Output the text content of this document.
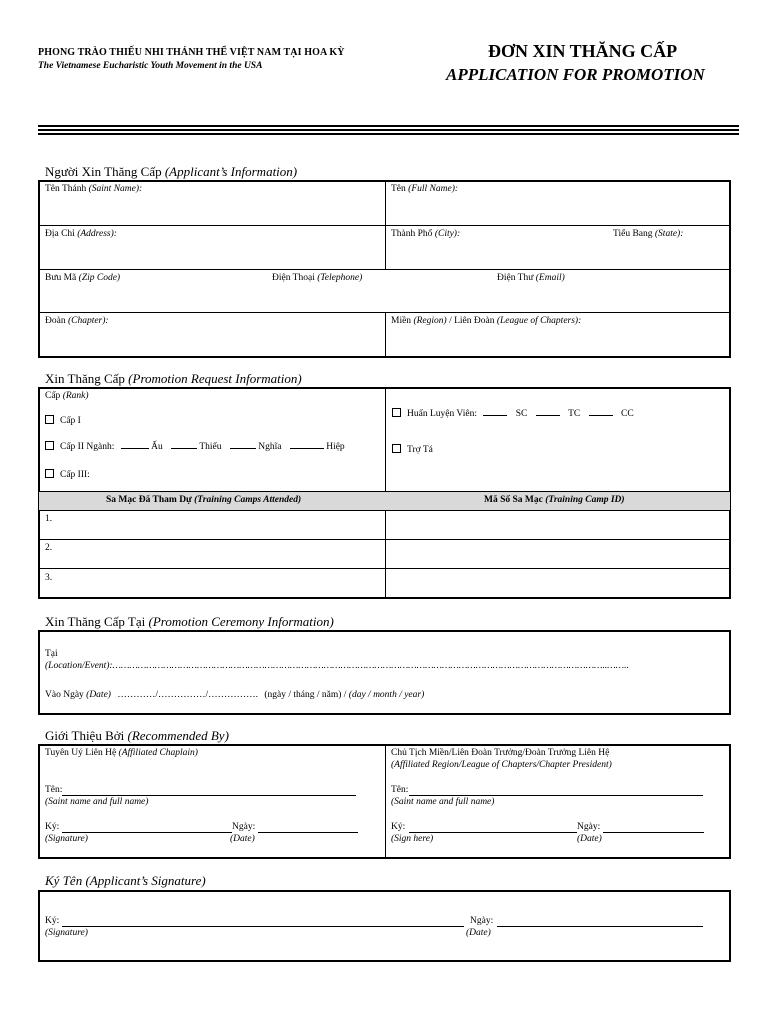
PHONG TRÀO THIẾU NHI THÁNH THỂ VIỆT NAM TẠI HOA KỲ
The Vietnamese Eucharistic Youth Movement in the USA
ĐƠN XIN THĂNG CẤP
APPLICATION FOR PROMOTION
Người Xin Thăng Cấp (Applicant’s Information)
Tên Thánh (Saint Name):	Tên (Full Name):
Địa Chỉ (Address):	Thành Phố (City):	Tiểu Bang (State):
Bưu Mã (Zip Code)	Điện Thoại (Telephone)	Điện Thư (Email)
Đoàn (Chapter):	Miền (Region) / Liên Đoàn (League of Chapters):
Xin Thăng Cấp (Promotion Request Information)
Cấp (Rank)
Cấp I
Cấp II Ngành:	Ấu	Thiếu	Nghĩa	Hiệp
Cấp III:
Huấn Luyện Viên:	SC	TC	CC
Trợ Tá
Sa Mạc Đã Tham Dự (Training Camps Attended)	Mã Số Sa Mạc (Training Camp ID)
1.
2.
3.
Xin Thăng Cấp Tại (Promotion Ceremony Information)
Tại
(Location/Event):…………………………………………………………………………………………………………………………………………………………..……..
Vào Ngày (Date) …………/……………/……………. (ngày / tháng / năm) / (day / month / year)
Giới Thiệu Bởi (Recommended By)
Tuyên Uý Liên Hệ (Affiliated Chaplain)
Tên:
(Saint name and full name)
Ký:	Ngày:
(Signature)	(Date)
Chủ Tịch Miền/Liên Đoàn Trưởng/Đoàn Trưởng Liên Hệ
(Affiliated Region/League of Chapters/Chapter President)
Tên:
(Saint name and full name)
Ký:	Ngày:
(Sign here)	(Date)
Ký Tên (Applicant’s Signature)
Ký:	Ngày:
(Signature)	(Date)
